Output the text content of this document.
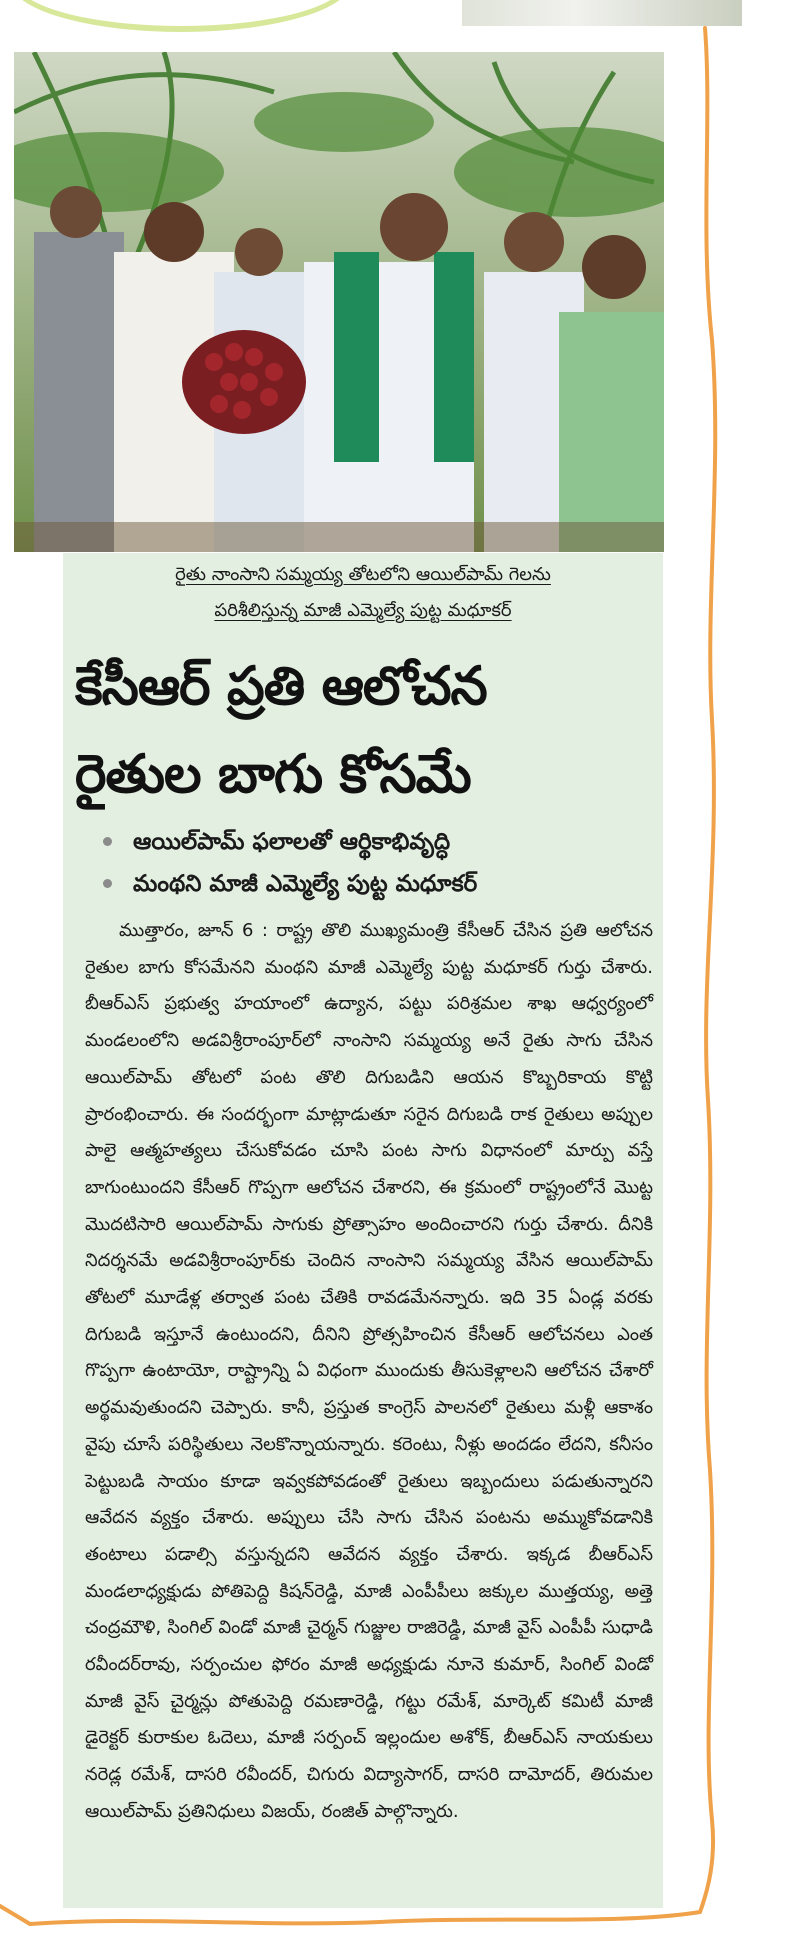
రైతు నాంసాని సమ్మయ్య తోటలోని ఆయిల్‌పామ్ గెలను
పరిశీలిస్తున్న మాజీ ఎమ్మెల్యే పుట్ట మధూకర్
కేసీఆర్ ప్రతి ఆలోచన
రైతుల బాగు కోసమే
ఆయిల్‌పామ్ ఫలాలతో ఆర్థికాభివృద్ధి
మంథని మాజీ ఎమ్మెల్యే పుట్ట మధూకర్

ముత్తారం, జూన్ 6 : రాష్ట్ర తొలి ముఖ్యమంత్రి కేసీఆర్ చేసిన ప్రతి ఆలోచన రైతుల బాగు కోసమేనని మంథని మాజీ ఎమ్మెల్యే పుట్ట మధూకర్ గుర్తు చేశారు. బీఆర్ఎస్ ప్రభుత్వ హయాంలో ఉద్యాన, పట్టు పరిశ్రమల శాఖ ఆధ్వర్యంలో మండలంలోని అడవిశ్రీరాంపూర్‌లో నాంసాని సమ్మయ్య అనే రైతు సాగు చేసిన ఆయిల్‌పామ్ తోటలో పంట తొలి దిగుబడిని ఆయన కొబ్బరికాయ కొట్టి ప్రారంభించారు. ఈ సందర్భంగా మాట్లాడుతూ సరైన దిగుబడి రాక రైతులు అప్పుల పాలై ఆత్మహత్యలు చేసుకోవడం చూసి పంట సాగు విధానంలో మార్పు వస్తే బాగుంటుందని కేసీఆర్ గొప్పగా ఆలోచన చేశారని, ఈ క్రమంలో రాష్ట్రంలోనే మొట్ట మొదటిసారి ఆయిల్‌పామ్ సాగుకు ప్రోత్సాహం అందించారని గుర్తు చేశారు. దీనికి నిదర్శనమే అడవిశ్రీరాంపూర్‌కు చెందిన నాంసాని సమ్మయ్య వేసిన ఆయిల్‌పామ్ తోటలో మూడేళ్ల తర్వాత పంట చేతికి రావడమేనన్నారు. ఇది 35 ఏండ్ల వరకు దిగుబడి ఇస్తూనే ఉంటుందని, దీనిని ప్రోత్సహించిన కేసీఆర్ ఆలోచనలు ఎంత గొప్పగా ఉంటాయో, రాష్ట్రాన్ని ఏ విధంగా ముందుకు తీసుకెళ్లాలని ఆలోచన చేశారో అర్థమవుతుందని చెప్పారు. కానీ, ప్రస్తుత కాంగ్రెస్ పాలనలో రైతులు మళ్లీ ఆకాశం వైపు చూసే పరిస్థితులు నెలకొన్నాయన్నారు. కరెంటు, నీళ్లు అందడం లేదని, కనీసం పెట్టుబడి సాయం కూడా ఇవ్వకపోవడంతో రైతులు ఇబ్బందులు పడుతున్నారని ఆవేదన వ్యక్తం చేశారు. అప్పులు చేసి సాగు చేసిన పంటను అమ్ముకోవడానికి తంటాలు పడాల్సి వస్తున్నదని ఆవేదన వ్యక్తం చేశారు. ఇక్కడ బీఆర్ఎస్ మండలాధ్యక్షుడు పోతిపెద్ది కిషన్‌రెడ్డి, మాజీ ఎంపీపీలు జక్కుల ముత్తయ్య, అత్తె చంద్రమౌళి, సింగిల్ విండో మాజీ చైర్మన్ గుజ్జుల రాజిరెడ్డి, మాజీ వైస్ ఎంపీపీ సుధాడి రవీందర్‌రావు, సర్పంచుల ఫోరం మాజీ అధ్యక్షుడు నూనె కుమార్, సింగిల్ విండో మాజీ వైస్ చైర్మన్లు పోతుపెద్ది రమణారెడ్డి, గట్టు రమేశ్, మార్కెట్ కమిటీ మాజీ డైరెక్టర్ కురాకుల ఓదెలు, మాజీ సర్పంచ్ ఇల్లందుల అశోక్, బీఆర్ఎస్ నాయకులు నరెడ్ల రమేశ్, దాసరి రవీందర్, చిగురు విద్యాసాగర్, దాసరి దామోదర్, తిరుమల ఆయిల్‌పామ్ ప్రతినిధులు విజయ్, రంజిత్ పాల్గొన్నారు.
